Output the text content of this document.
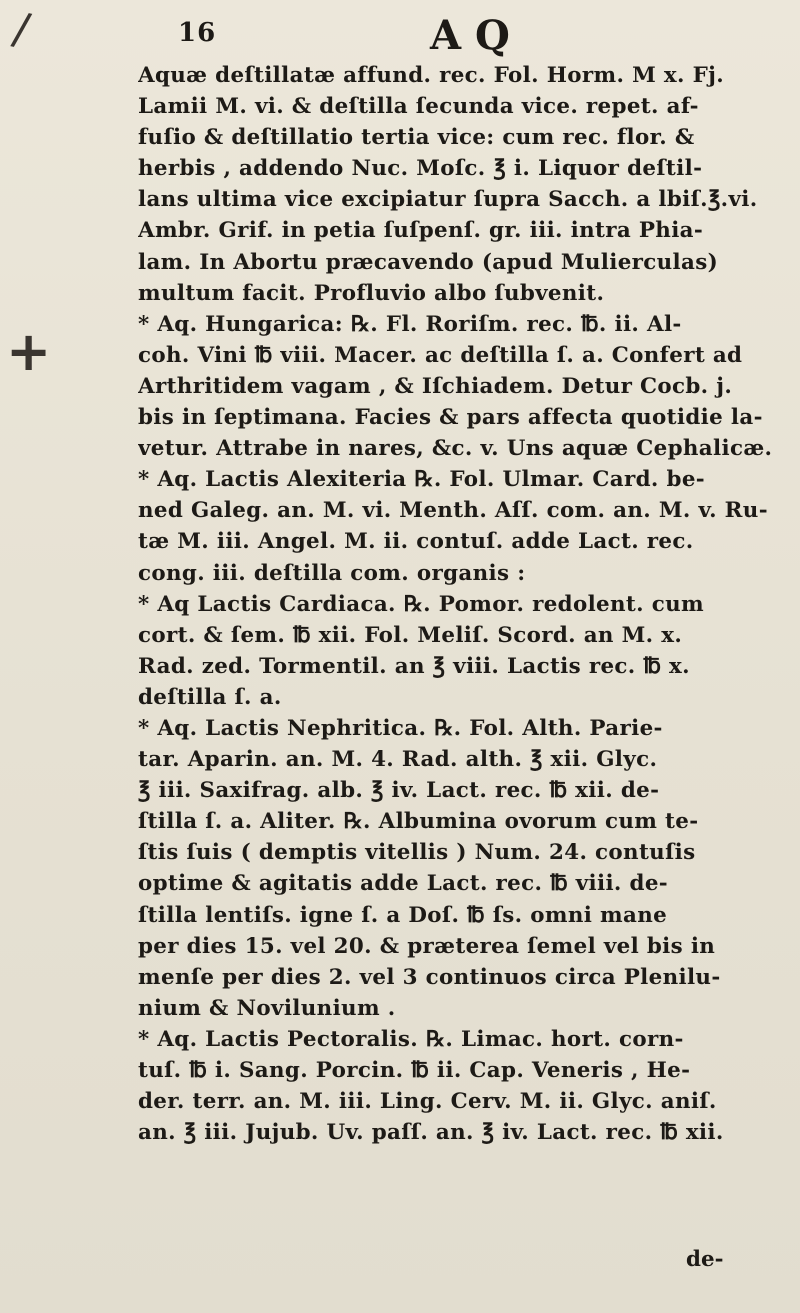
/
+
16	A Q
Aquæ deſtillatæ affund. rec. Fol. Horm. M x. Fj.
Lamii M. vi. & deſtilla ſecunda vice. repet. af-
fuſio & deſtillatio tertia vice: cum rec. flor. &
herbis , addendo Nuc. Moſc. ℥ i. Liquor deſtil-
lans ultima vice excipiatur ſupra Sacch. a lbiſ.℥.vi.
Ambr. Grif. in petia ſuſpenſ. gr. iii. intra Phia-
lam. In Abortu præcavendo (apud Mulierculas)
multum facit. Profluvio albo ſubvenit.
* Aq. Hungarica: ℞. Fl. Roriſm. rec. ℔. ii. Al-
coh. Vini ℔ viii. Macer. ac deſtilla ſ. a. Confert ad
Arthritidem vagam , & Iſchiadem. Detur Cocb. j.
bis in ſeptimana. Facies & pars affecta quotidie la-
vetur. Attrabe in nares, &c. v. Uns aquæ Cephalicæ.
* Aq. Lactis Alexiteria ℞. Fol. Ulmar. Card. be-
ned Galeg. an. M. vi. Menth. Aſſ. com. an. M. v. Ru-
tæ M. iii. Angel. M. ii. contuſ. adde Lact. rec.
cong. iii. deſtilla com. organis :
* Aq Lactis Cardiaca. ℞. Pomor. redolent. cum
cort. & ſem. ℔ xii. Fol. Meliſ. Scord. an M. x.
Rad. zed. Tormentil. an ℥ viii. Lactis rec. ℔ x.
deſtilla ſ. a.
* Aq. Lactis Nephritica. ℞. Fol. Alth. Parie-
tar. Aparin. an. M. 4. Rad. alth. ℥ xii. Glyc.
℥ iii. Saxifrag. alb. ℥ iv. Lact. rec. ℔ xii. de-
ſtilla ſ. a. Aliter. ℞. Albumina ovorum cum te-
ſtis ſuis ( demptis vitellis ) Num. 24. contuſis
optime & agitatis adde Lact. rec. ℔ viii. de-
ſtilla lentiſs. igne ſ. a Doſ. ℔ ſs. omni mane
per dies 15. vel 20. & præterea ſemel vel bis in
menſe per dies 2. vel 3 continuos circa Plenilu-
nium & Novilunium .
* Aq. Lactis Pectoralis. ℞. Limac. hort. corn-
tuſ. ℔ i. Sang. Porcin. ℔ ii. Cap. Veneris , He-
der. terr. an. M. iii. Ling. Cerv. M. ii. Glyc. aniſ.
an. ℥ iii. Jujub. Uv. paſſ. an. ℥ iv. Lact. rec. ℔ xii.
de-
